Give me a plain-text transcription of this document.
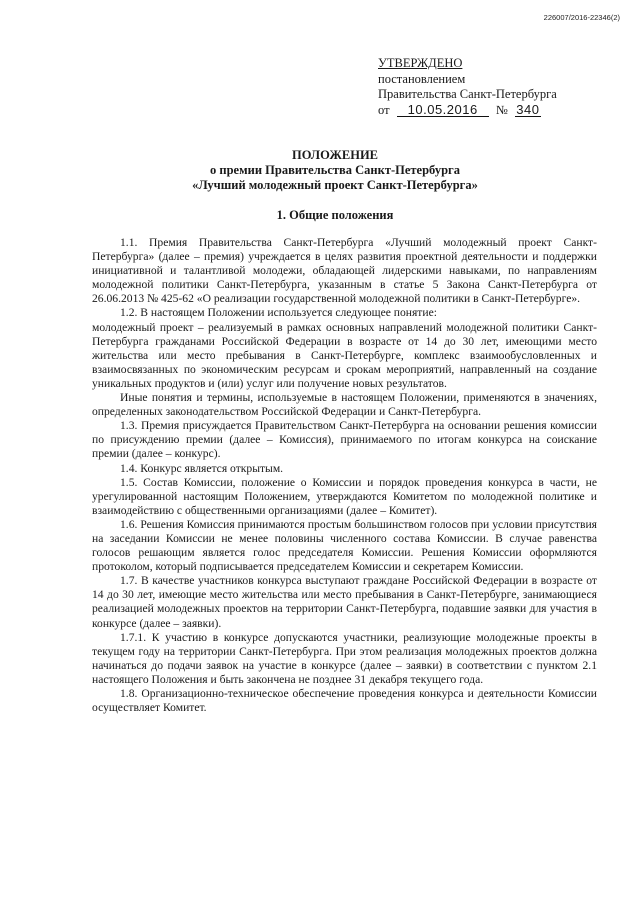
226007/2016-22346(2)
УТВЕРЖДЕНО
постановлением
Правительства Санкт-Петербурга
от 10.05.2016 № 340
ПОЛОЖЕНИЕ
о премии Правительства Санкт-Петербурга
«Лучший молодежный проект Санкт-Петербурга»
1. Общие положения

1.1. Премия Правительства Санкт-Петербурга «Лучший молодежный проект Санкт-Петербурга» (далее – премия) учреждается в целях развития проектной деятельности и поддержки инициативной и талантливой молодежи, обладающей лидерскими навыками, по направлениям молодежной политики Санкт-Петербурга, указанным в статье 5 Закона Санкт-Петербурга от 26.06.2013 № 425-62 «О реализации государственной молодежной политики в Санкт-Петербурге».

1.2. В настоящем Положении используется следующее понятие:

молодежный проект – реализуемый в рамках основных направлений молодежной политики Санкт-Петербурга гражданами Российской Федерации в возрасте от 14 до 30 лет, имеющими место жительства или место пребывания в Санкт-Петербурге, комплекс взаимообусловленных и взаимосвязанных по экономическим ресурсам и срокам мероприятий, направленный на создание уникальных продуктов и (или) услуг или получение новых результатов.

Иные понятия и термины, используемые в настоящем Положении, применяются в значениях, определенных законодательством Российской Федерации и Санкт-Петербурга.

1.3. Премия присуждается Правительством Санкт-Петербурга на основании решения комиссии по присуждению премии (далее – Комиссия), принимаемого по итогам конкурса на соискание премии (далее – конкурс).

1.4. Конкурс является открытым.

1.5. Состав Комиссии, положение о Комиссии и порядок проведения конкурса в части, не урегулированной настоящим Положением, утверждаются Комитетом по молодежной политике и взаимодействию с общественными организациями (далее – Комитет).

1.6. Решения Комиссия принимаются простым большинством голосов при условии присутствия на заседании Комиссии не менее половины численного состава Комиссии. В случае равенства голосов решающим является голос председателя Комиссии. Решения Комиссии оформляются протоколом, который подписывается председателем Комиссии и секретарем Комиссии.

1.7. В качестве участников конкурса выступают граждане Российской Федерации в возрасте от 14 до 30 лет, имеющие место жительства или место пребывания в Санкт-Петербурге, занимающиеся реализацией молодежных проектов на территории Санкт-Петербурга, подавшие заявки для участия в конкурсе (далее – заявки).

1.7.1. К участию в конкурсе допускаются участники, реализующие молодежные проекты в текущем году на территории Санкт-Петербурга. При этом реализация молодежных проектов должна начинаться до подачи заявок на участие в конкурсе (далее – заявки) в соответствии с пунктом 2.1 настоящего Положения и быть закончена не позднее 31 декабря текущего года.

1.8. Организационно-техническое обеспечение проведения конкурса и деятельности Комиссии осуществляет Комитет.
